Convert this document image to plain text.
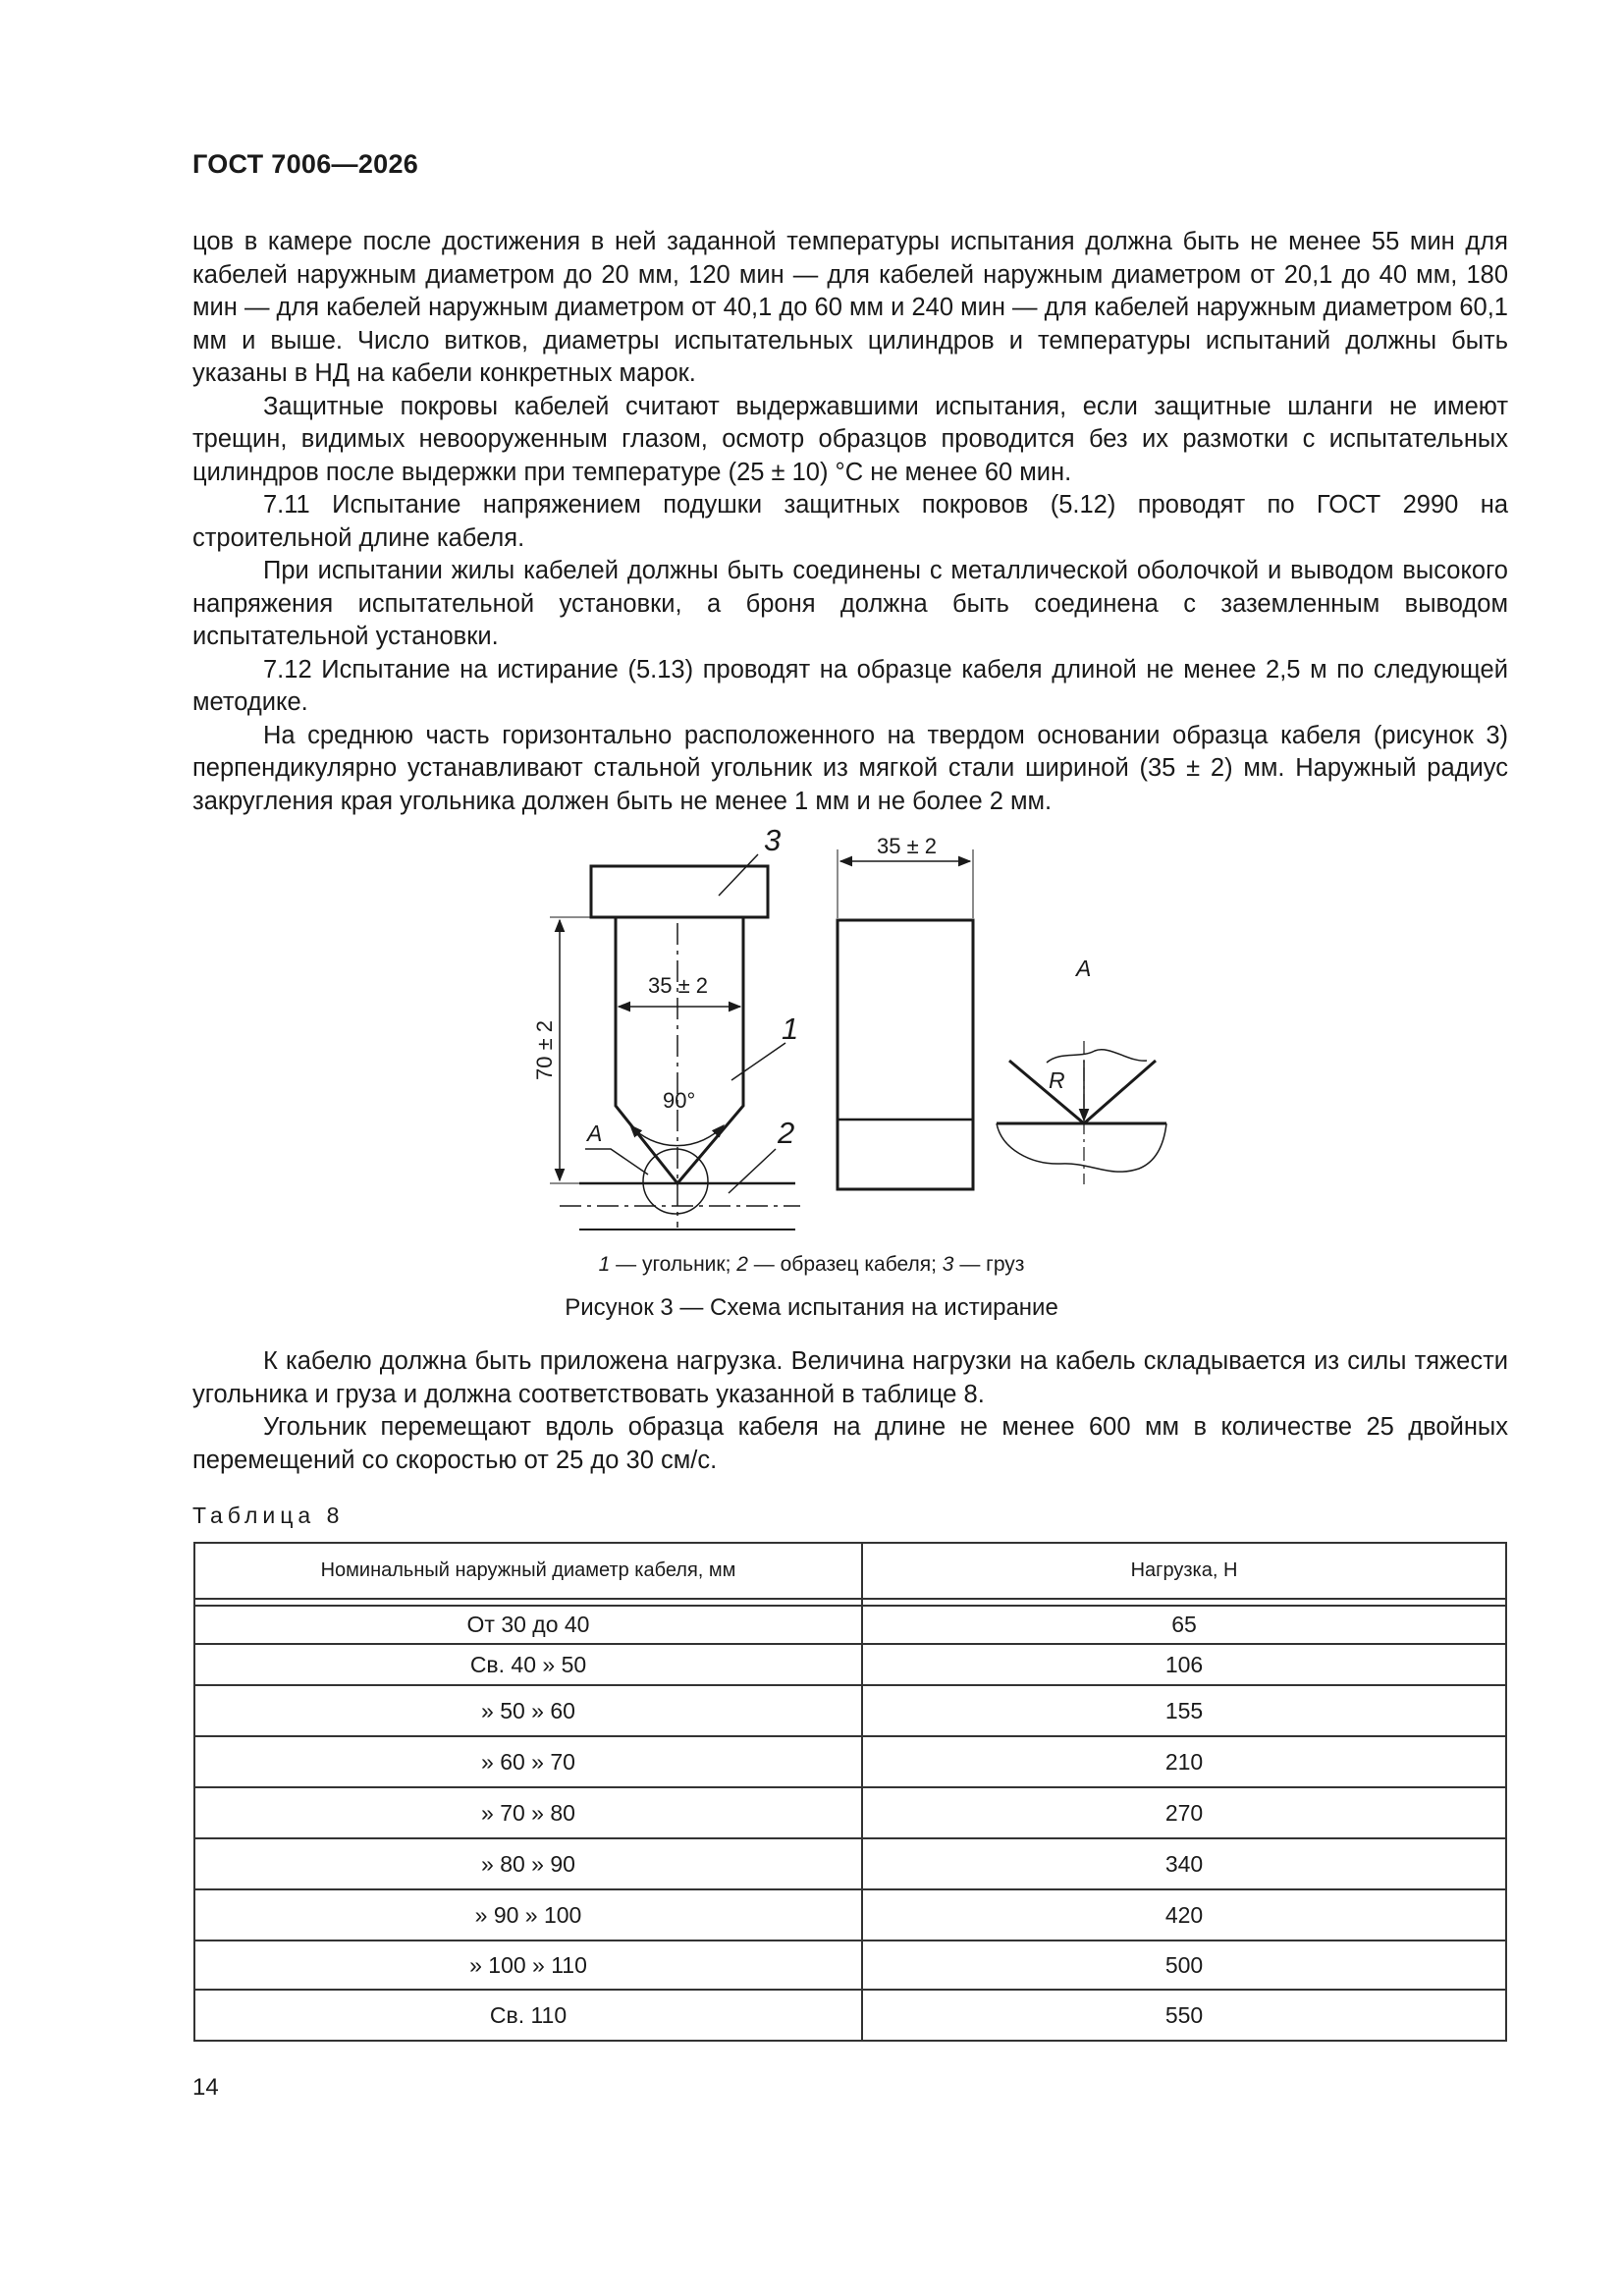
ГОСТ 7006—2026

цов в камере после достижения в ней заданной температуры испытания должна быть не менее 55 мин для кабелей наружным диаметром до 20 мм, 120 мин — для кабелей наружным диаметром от 20,1 до 40 мм, 180 мин — для кабелей наружным диаметром от 40,1 до 60 мм и 240 мин — для кабелей наружным диаметром 60,1 мм и выше. Число витков, диаметры испытательных цилиндров и температуры испытаний должны быть указаны в НД на кабели конкретных марок.

Защитные покровы кабелей считают выдержавшими испытания, если защитные шланги не имеют трещин, видимых невооруженным глазом, осмотр образцов проводится без их размотки с испытательных цилиндров после выдержки при температуре (25 ± 10) °С не менее 60 мин.

7.11 Испытание напряжением подушки защитных покровов (5.12) проводят по ГОСТ 2990 на строительной длине кабеля.

При испытании жилы кабелей должны быть соединены с металлической оболочкой и выводом высокого напряжения испытательной установки, а броня должна быть соединена с заземленным выводом испытательной установки.

7.12 Испытание на истирание (5.13) проводят на образце кабеля длиной не менее 2,5 м по следующей методике.

На среднюю часть горизонтально расположенного на твердом основании образца кабеля (рисунок 3) перпендикулярно устанавливают стальной угольник из мягкой стали шириной (35 ± 2) мм. Наружный радиус закругления края угольника должен быть не менее 1 мм и не более 2 мм.

3
1
2
A
35 ± 2
35 ± 2
90°
70 ± 2
A
R
1 — угольник; 2 — образец кабеля; 3 — груз
Рисунок 3 — Схема испытания на истирание

К кабелю должна быть приложена нагрузка. Величина нагрузки на кабель складывается из силы тяжести угольника и груза и должна соответствовать указанной в таблице 8.

Угольник перемещают вдоль образца кабеля на длине не менее 600 мм в количестве 25 двойных перемещений со скоростью от 25 до 30 см/с.

Таблица 8
Номинальный наружный диаметр кабеля, мм	Нагрузка, Н

От 30 до 40	65
Св. 40 » 50	106
» 50 » 60	155
» 60 » 70	210
» 70 » 80	270
» 80 » 90	340
» 90 » 100	420
» 100 » 110	500
Св. 110	550
14
